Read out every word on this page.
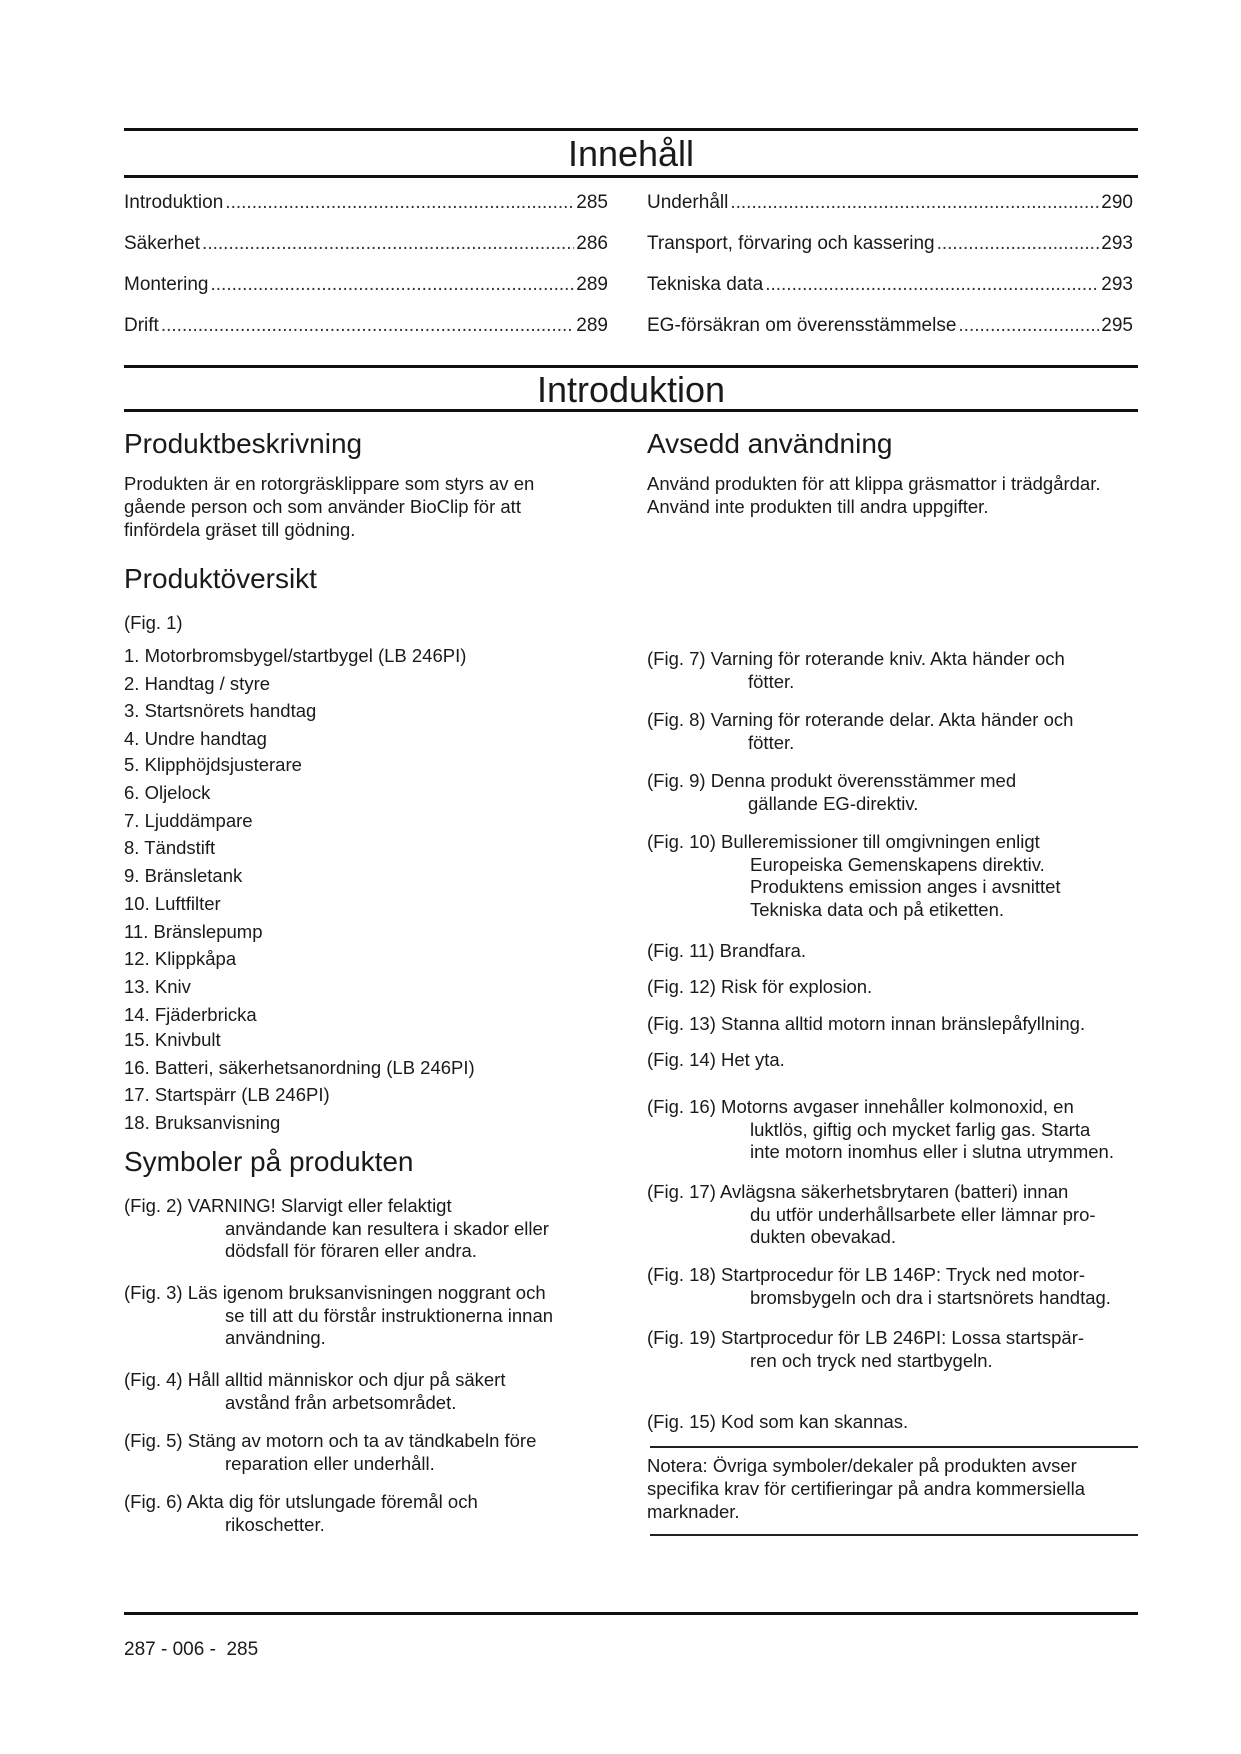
Innehåll
Introduktion .....	285
Säkerhet .....	286
Montering .....	289
Drift .....	289
Underhåll .....	290
Transport, förvaring och kassering .....	293
Tekniska data .....	293
EG-försäkran om överensstämmelse .....	295
Introduktion
Produktbeskrivning
Produkten är en rotorgräsklippare som styrs av en
gående person och som använder BioClip för att
finfördela gräset till gödning.
Avsedd användning
Använd produkten för att klippa gräsmattor i trädgårdar.
Använd inte produkten till andra uppgifter.
Produktöversikt
(Fig. 1)
1. Motorbromsbygel/startbygel (LB 246PI)
2. Handtag / styre
3. Startsnörets handtag
4. Undre handtag
5. Klipphöjdsjusterare
6. Oljelock
7. Ljuddämpare
8. Tändstift
9. Bränsletank
10. Luftfilter
11. Bränslepump
12. Klippkåpa
13. Kniv
14. Fjäderbricka
15. Knivbult
16. Batteri, säkerhetsanordning (LB 246PI)
17. Startspärr (LB 246PI)
18. Bruksanvisning
Symboler på produkten
(Fig. 2) VARNING! Slarvigt eller felaktigt
användande kan resultera i skador eller
dödsfall för föraren eller andra.
(Fig. 3) Läs igenom bruksanvisningen noggrant och
se till att du förstår instruktionerna innan
användning.
(Fig. 4) Håll alltid människor och djur på säkert
avstånd från arbetsområdet.
(Fig. 5) Stäng av motorn och ta av tändkabeln före
reparation eller underhåll.
(Fig. 6) Akta dig för utslungade föremål och
rikoschetter.
(Fig. 7) Varning för roterande kniv. Akta händer och
fötter.
(Fig. 8) Varning för roterande delar. Akta händer och
fötter.
(Fig. 9) Denna produkt överensstämmer med
gällande EG-direktiv.
(Fig. 10) Bulleremissioner till omgivningen enligt
Europeiska Gemenskapens direktiv.
Produktens emission anges i avsnittet
Tekniska data och på etiketten.
(Fig. 11) Brandfara.
(Fig. 12) Risk för explosion.
(Fig. 13) Stanna alltid motorn innan bränslepåfyllning.
(Fig. 14) Het yta.
(Fig. 16) Motorns avgaser innehåller kolmonoxid, en
luktlös, giftig och mycket farlig gas. Starta
inte motorn inomhus eller i slutna utrymmen.
(Fig. 17) Avlägsna säkerhetsbrytaren (batteri) innan
du utför underhållsarbete eller lämnar pro-
dukten obevakad.
(Fig. 18) Startprocedur för LB 146P: Tryck ned motor-
bromsbygeln och dra i startsnörets handtag.
(Fig. 19) Startprocedur för LB 246PI: Lossa startspär-
ren och tryck ned startbygeln.
(Fig. 15) Kod som kan skannas.
Notera: Övriga symboler/dekaler på produkten avser
specifika krav för certifieringar på andra kommersiella
marknader.
287 - 006 - 285
